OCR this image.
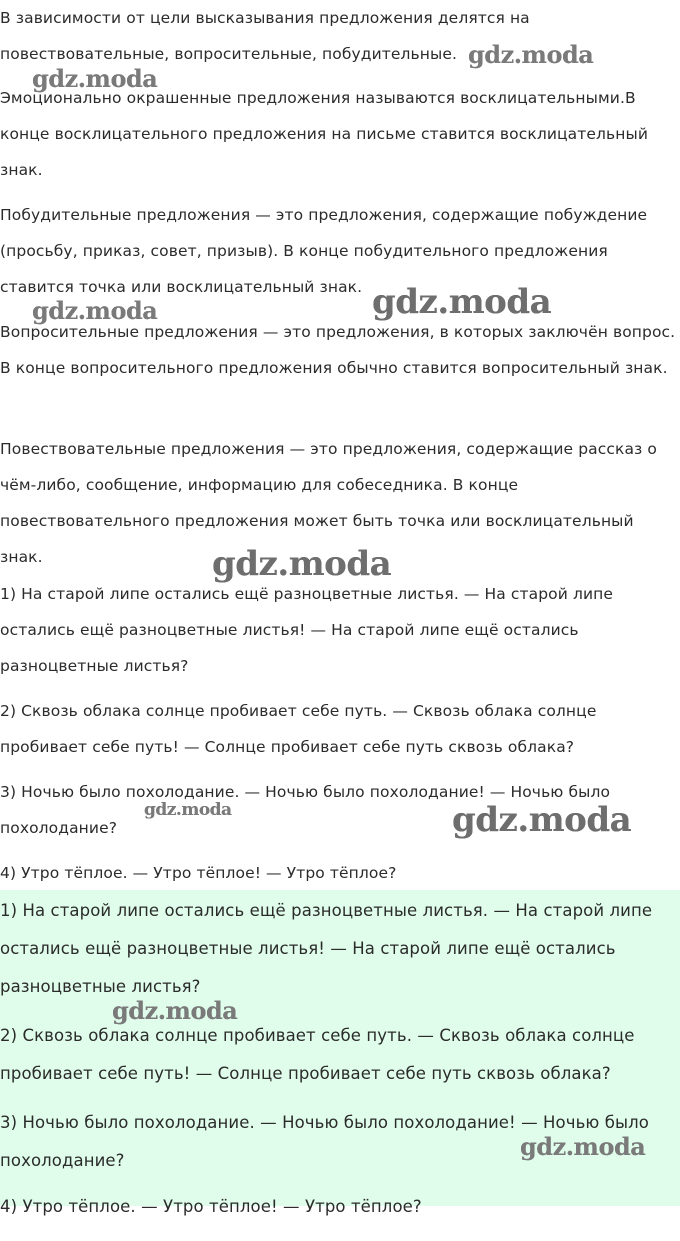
В зависимости от цели высказывания предложения делятся на повествовательные, вопросительные, побудительные.

Эмоционально окрашенные предложения называются восклицательными.В конце восклицательного предложения на письме ставится восклицательный знак.

Побудительные предложения — это предложения, содержащие побуждение (просьбу, приказ, совет, призыв). В конце побудительного предложения ставится точка или восклицательный знак.

Вопросительные предложения — это предложения, в которых заключён вопрос. В конце вопросительного предложения обычно ставится вопросительный знак.

Повествовательные предложения — это предложения, содержащие рассказ о чём-либо, сообщение, информацию для собеседника. В конце повествовательного предложения может быть точка или восклицательный знак.

1) На старой липе остались ещё разноцветные листья. — На старой липе остались ещё разноцветные листья! — На старой липе ещё остались разноцветные листья?

2) Сквозь облака солнце пробивает себе путь. — Сквозь облака солнце пробивает себе путь! — Солнце пробивает себе путь сквозь облака?

3) Ночью было похолодание. — Ночью было похолодание! — Ночью было похолодание?

4) Утро тёплое. — Утро тёплое! — Утро тёплое?

1) На старой липе остались ещё разноцветные листья. — На старой липе остались ещё разноцветные листья! — На старой липе ещё остались разноцветные листья?

2) Сквозь облака солнце пробивает себе путь. — Сквозь облака солнце пробивает себе путь! — Солнце пробивает себе путь сквозь облака?

3) Ночью было похолодание. — Ночью было похолодание! — Ночью было похолодание?

4) Утро тёплое. — Утро тёплое! — Утро тёплое?

gdz.moda
gdz.moda
gdz.moda	gdz.moda
gdz.moda
gdz.moda	gdz.moda
gdz.moda
gdz.moda
